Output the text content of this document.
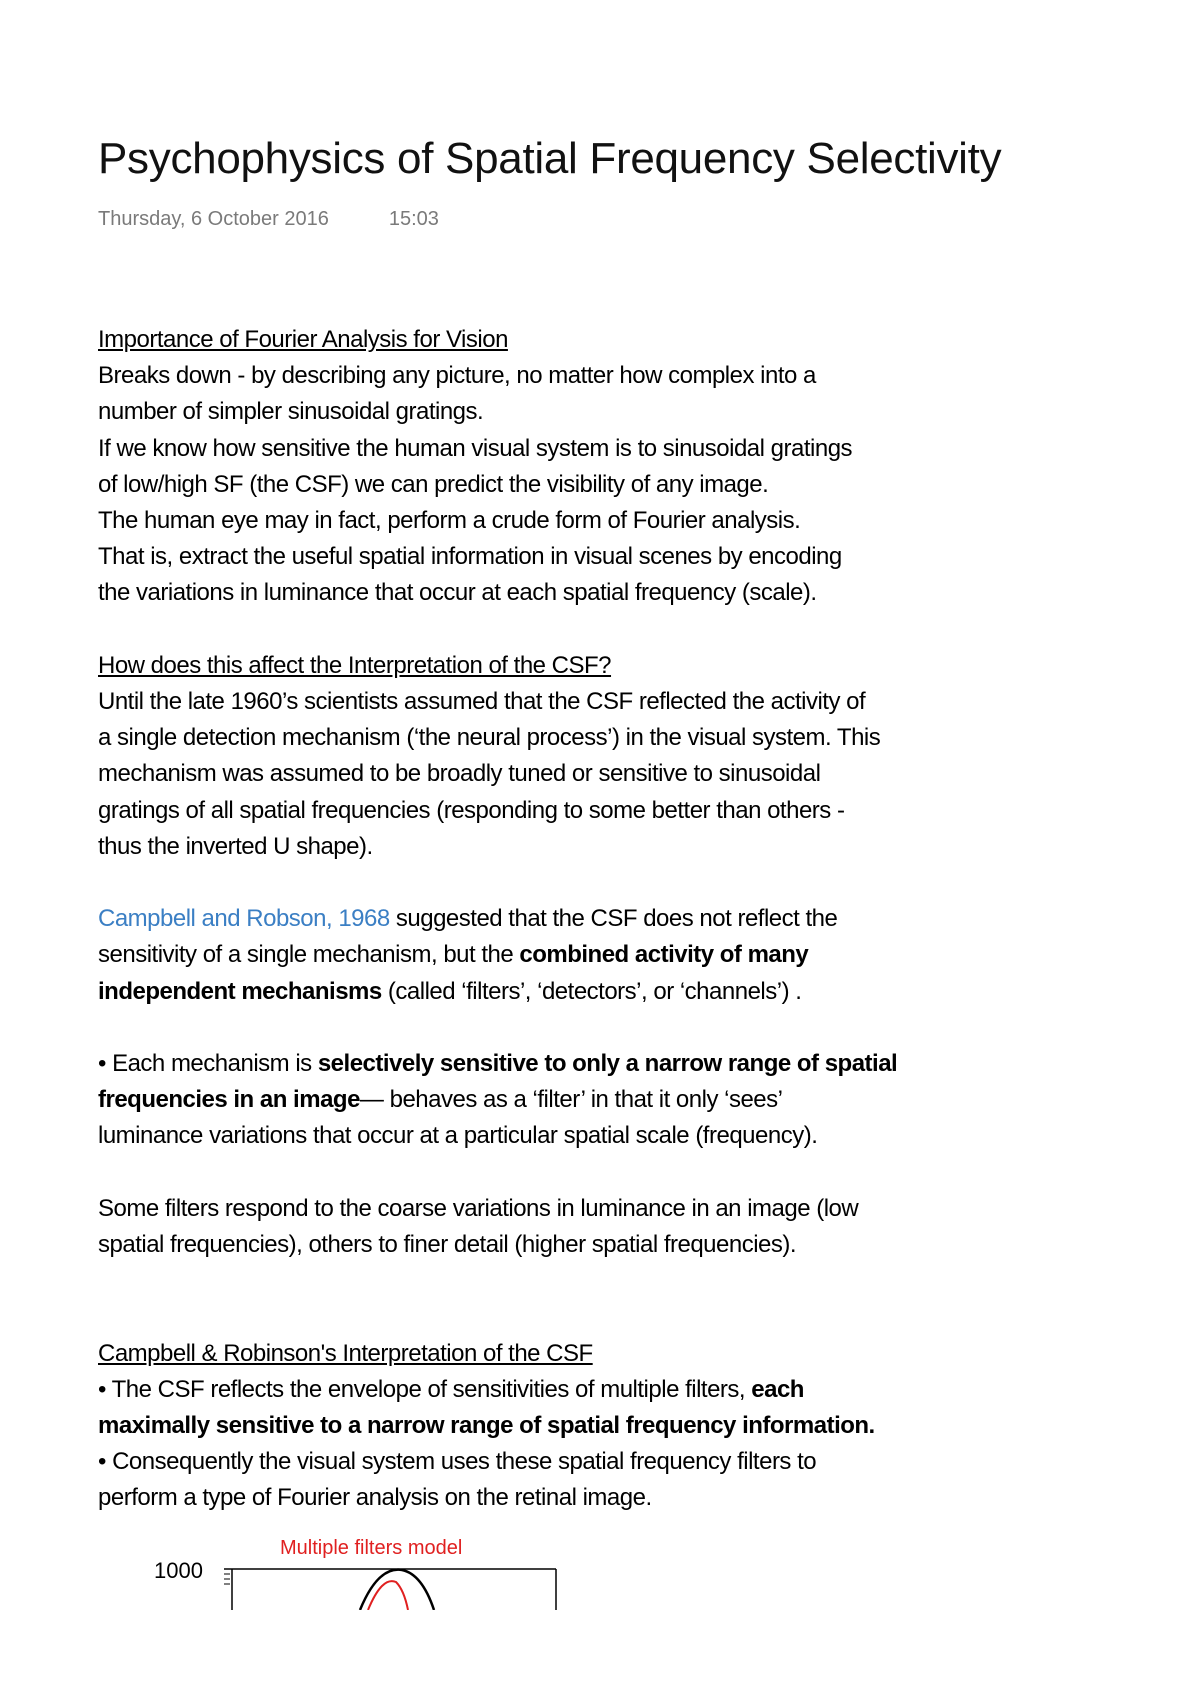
Psychophysics of Spatial Frequency Selectivity
Thursday, 6 October 2016	15:03

Importance of Fourier Analysis for Vision

Breaks down - by describing any picture, no matter how complex into a

number of simpler sinusoidal gratings.

If we know how sensitive the human visual system is to sinusoidal gratings

of low/high SF (the CSF) we can predict the visibility of any image.

The human eye may in fact, perform a crude form of Fourier analysis.

That is, extract the useful spatial information in visual scenes by encoding

the variations in luminance that occur at each spatial frequency (scale).

How does this affect the Interpretation of the CSF?

Until the late 1960’s scientists assumed that the CSF reflected the activity of

a single detection mechanism (‘the neural process’) in the visual system. This

mechanism was assumed to be broadly tuned or sensitive to sinusoidal

gratings of all spatial frequencies (responding to some better than others -

thus the inverted U shape).

Campbell and Robson, 1968 suggested that the CSF does not reflect the

sensitivity of a single mechanism, but the combined activity of many

independent mechanisms (called ‘filters’, ‘detectors’, or ‘channels’) .

• Each mechanism is selectively sensitive to only a narrow range of spatial

frequencies in an image— behaves as a ‘filter’ in that it only ‘sees’

luminance variations that occur at a particular spatial scale (frequency).

Some filters respond to the coarse variations in luminance in an image (low

spatial frequencies), others to finer detail (higher spatial frequencies).

Campbell & Robinson's Interpretation of the CSF

• The CSF reflects the envelope of sensitivities of multiple filters, each

maximally sensitive to a narrow range of spatial frequency information.

• Consequently the visual system uses these spatial frequency filters to

perform a type of Fourier analysis on the retinal image.

Multiple filters model
1000
